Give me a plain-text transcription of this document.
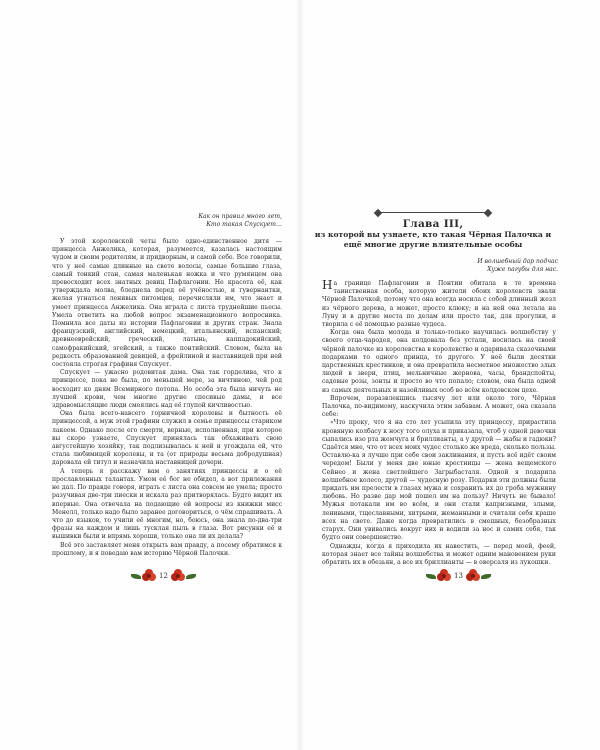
Как он правил много лет,
Кто такая Спускует…

У этой королевской четы было одно-единственное дитя — принцесса Анжелика, которая, разумеется, казалась настоящим чудом и своим родителям, и придворным, и самой себе. Все говорили, что у неё самые длинные на свете волосы, самые большие глаза, самый тонкий стан, самая маленькая ножка и что румянцем она превосходит всех знатных девиц Пафлагонии. Не красота её, как утверждала молва, бледнела перед её учёностью, и гувернантки, желая угнаться ленивых питомцев, перечисляли им, что знает и умеет принцесса Анжелика. Она играла с листа труднейшие пьесы. Умела ответить на любой вопрос экзаменационного вопросника. Помнила все даты из истории Пафлагонии и других стран. Знала французский, английский, немецкий, итальянский, испанский; древнееврейский, греческий, латынь, каппадокийский, самофракийский, эгейский, а также понтийский. Словом, была на редкость образованной девицей, а фрейлиной и наставницей при ней состояла строгая графиня Спускует.

Спускует — ужасно родовитая дама. Она так горделива, что к принцессе, пока не была, по меньшей мере, за вичтиною, чей род восходит ко дням Всемирного потопа. Но особа эта была ничуть не лучшей крови, чем многие другие спесивые дамы, и все здравомыслящие люди смеялись над её глупой кичливостью.

Она была всего-навсего горничной королевы и бытность её принцессой, а муж этой графини служил в семье принцессы стариком лакеем. Однако после его смерти, верные, исполненная, при которое вы скоро узнаете, Спускует принялась так обхаживать свою августейшую хозяйку, так подлизывалась к ней и угождала ей, что стала любимицей королевы, и та (от природы весьма добродушная) даровала ей титул и назначила наставницей дочери.

А теперь я расскажу вам о занятиях принцессы и о её прославленных талантах. Умом её бог не обидел, а вот прилежания не дал. По правде говоря, играть с листа она совсем не умела; просто разучивая две-три пиески и искала раз притворялась. Будто видит их впервые. Она отвечала на подающие ей вопросы из книжки мисс Менелл, только надо было заранее договориться, о чём спрашивать. А что до языков, то учили её многим, но, боюсь, она знала по-два-три фразы на каждом и лишь тусклая пыль в глаза. Вот рисунки её и вышивки были и впрямь хороши, только она ли их делала?

Всё это заставляет меня открыть вам правду, а посему обратимся к прошлому, и я поведаю вам историю Чёрной Палочки.

12
Глава III,
из которой вы узнаете, кто такая Чёрная Палочка и ещё многие другие влиятельные особы
И волшебный дар подчас
Хуже пагубы для нас.

На границе Пафлагонии и Понтии обитала в те времена таинственная особа, которую жители обоих королевств звали Чёрной Палочкой, потому что она всегда носила с собой длинный жезл из чёрного дерева, а может, просто клюку; и на ней она летала на Луну и в другие места по делам или просто так, для прогулки, и творила с её помощью разные чудеса.

Когда она была молода и только-только научилась волшебству у своего отца-чародея, она колдовала без устали, носилась на своей чёрной палочке из королевства в королевство и одаривала сказочными подарками то одного принца, то другого. У неё были десятки царственных крестников, и она превратила несметное множество злых людей в звери, птиц, мельничные жернова, часы, брандспойты, садовые розы, зонты и просто во что попало; словом, она была одной из самых деятельных и назойливых особ во всём колдовском цехе.

Впрочем, поразвлекшись тысячу лет или около того, Чёрная Палочка, по-видимому, наскучила этим забавам. А может, она сказала себе:

«Что проку, что я на сто лет усыпила эту принцессу, прирастила кровяную колбасу к носу того олуха и приказала, чтоб у одной девочки сыпались изо рта жемчуга и бриллианты, а у другой — жабы и гадюки? Сдаётся мне, что от всех моих чудес столько же вреда, сколько пользы. Оставлю-ка я лучше при себе свои заклинания, и пусть всё идёт своим чередом! Были у меня две юные крестницы — жена вещемского Сейнео и жена светлейшего Загрыбасталя. Одной я подарила волшебное колесо, другой — чудесную розу. Подарки эти должны были придать им прелести в глазах мужа и сохранить их до гроба мужнину любовь. Но разве дар мой пошел им на пользу? Ничуть не бывало! Мужья потакали им во всём, и они стали капризными, злыми, ленивыми, тщеславными, хитрыми, жеманными и считали себя краше всех на свете. Даже когда превратились в смешных, безобразных старух. Они увивались вокруг них и водили за нос и самих себя, так будто они совершенство.

Однажды, когда я приходила их навестить, — перед моей, феей, которая знает все тайны волшебства и может одним мановением руки обратить их в обезьян, а все их бриллианты — в оверсаля из лукошки.

13
